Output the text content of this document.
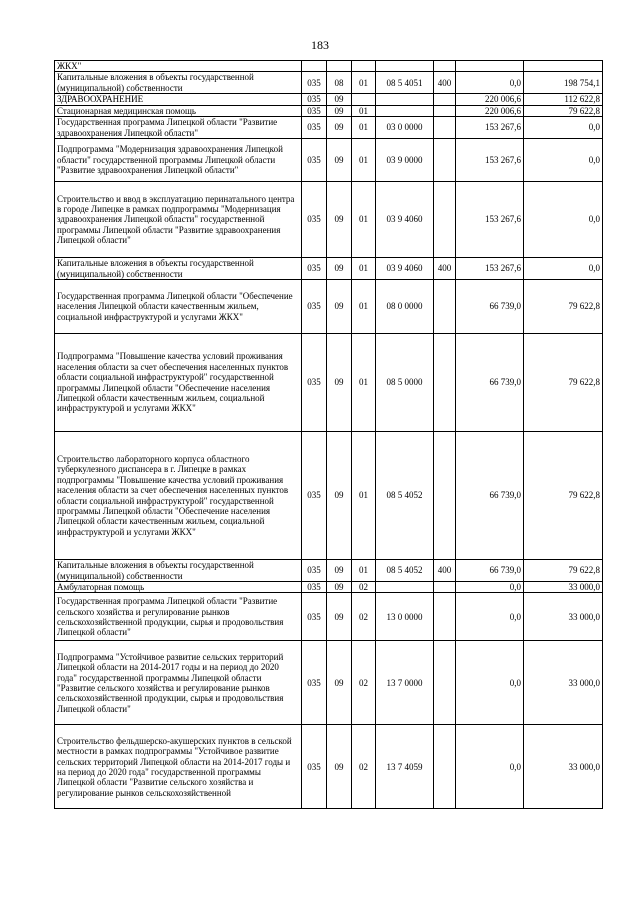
183
ЖКХ"							
Капитальные вложения в объекты государственной (муниципальной) собственности	035	08	01	08 5 4051	400	0,0	198 754,1
ЗДРАВООХРАНЕНИЕ	035	09				220 006,6	112 622,8
Стационарная медицинская помощь	035	09	01			220 006,6	79 622,8
Государственная программа Липецкой области "Развитие здравоохранения Липецкой области"	035	09	01	03 0 0000		153 267,6	0,0
Подпрограмма "Модернизация здравоохранения Липецкой области" государственной программы Липецкой области "Развитие здравоохранения Липецкой области"	035	09	01	03 9 0000		153 267,6	0,0
Строительство и ввод в эксплуатацию перинатального центра в городе Липецке в рамках подпрограммы "Модернизация здравоохранения Липецкой области" государственной программы Липецкой области "Развитие здравоохранения Липецкой области"	035	09	01	03 9 4060		153 267,6	0,0
Капитальные вложения в объекты государственной (муниципальной) собственности	035	09	01	03 9 4060	400	153 267,6	0,0
Государственная программа Липецкой области "Обеспечение населения Липецкой области качественным жильем, социальной инфраструктурой и услугами ЖКХ"	035	09	01	08 0 0000		66 739,0	79 622,8
Подпрограмма "Повышение качества условий проживания населения области за счет обеспечения населенных пунктов области социальной инфраструктурой" государственной программы Липецкой области "Обеспечение населения Липецкой области качественным жильем, социальной инфраструктурой и услугами ЖКХ"	035	09	01	08 5 0000		66 739,0	79 622,8
Строительство лабораторного корпуса областного туберкулезного диспансера в г. Липецке в рамках подпрограммы "Повышение качества условий проживания населения области за счет обеспечения населенных пунктов области социальной инфраструктурой" государственной программы Липецкой области "Обеспечение населения Липецкой области качественным жильем, социальной инфраструктурой и услугами ЖКХ"	035	09	01	08 5 4052		66 739,0	79 622,8
Капитальные вложения в объекты государственной (муниципальной) собственности	035	09	01	08 5 4052	400	66 739,0	79 622,8
Амбулаторная помощь	035	09	02			0,0	33 000,0
Государственная программа Липецкой области "Развитие сельского хозяйства и регулирование рынков сельскохозяйственной продукции, сырья и продовольствия Липецкой области"	035	09	02	13 0 0000		0,0	33 000,0
Подпрограмма "Устойчивое развитие сельских территорий Липецкой области на 2014-2017 годы и на период до 2020 года" государственной программы Липецкой области "Развитие сельского хозяйства и регулирование рынков сельскохозяйственной продукции, сырья и продовольствия Липецкой области"	035	09	02	13 7 0000		0,0	33 000,0
Строительство фельдшерско-акушерских пунктов в сельской местности в рамках подпрограммы "Устойчивое развитие сельских территорий Липецкой области на 2014-2017 годы и на период до 2020 года" государственной программы Липецкой области "Развитие сельского хозяйства и регулирование рынков сельскохозяйственной	035	09	02	13 7 4059		0,0	33 000,0
